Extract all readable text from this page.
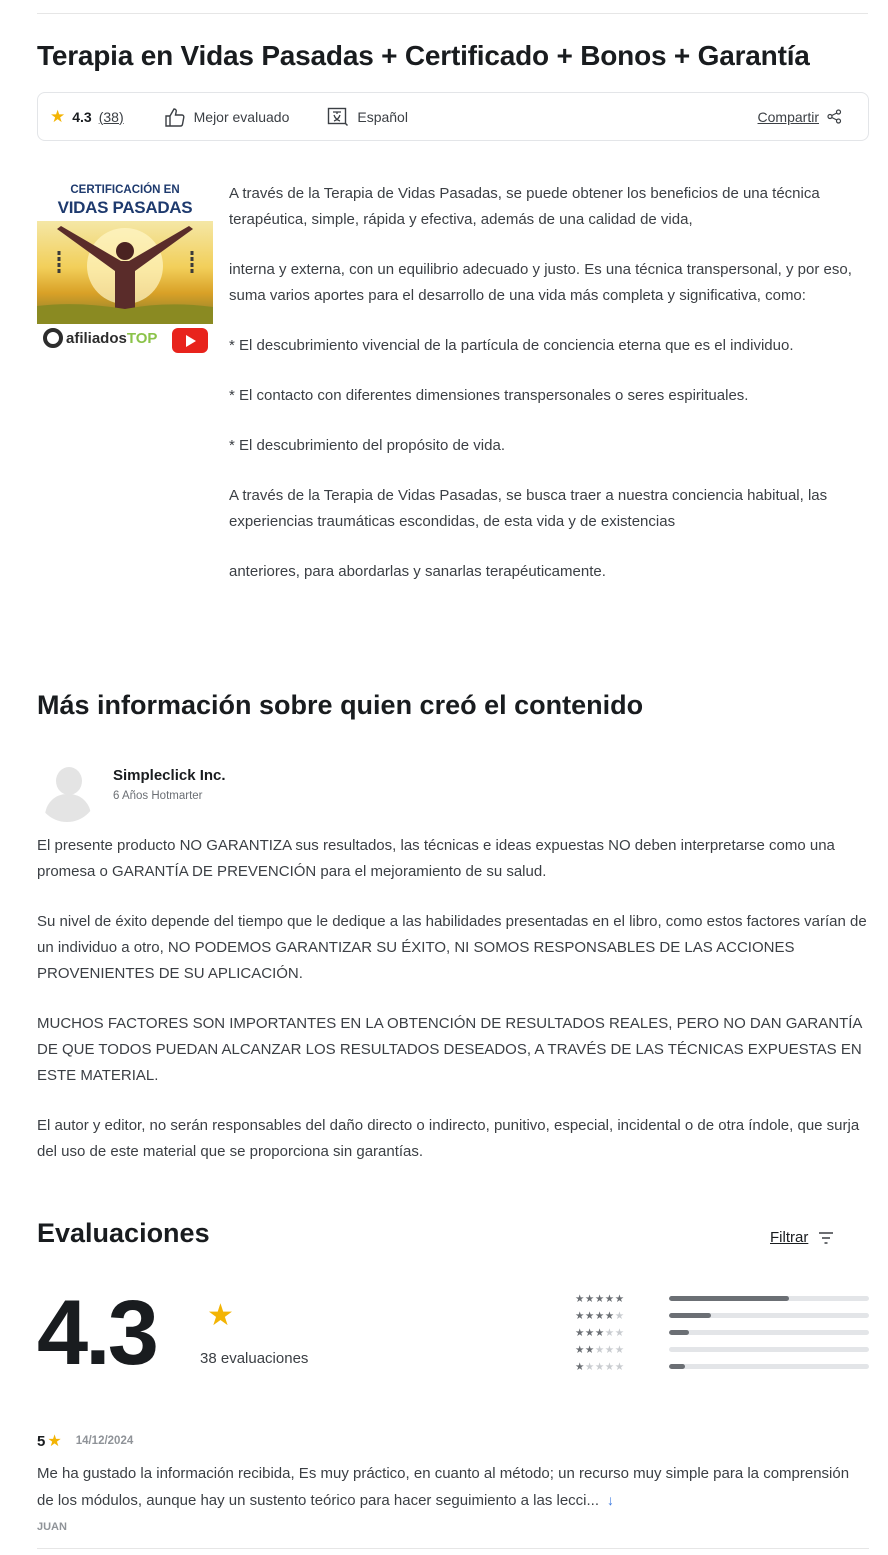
Terapia en Vidas Pasadas + Certificado + Bonos + Garantía
★ 4.3 (38)	Mejor evaluado	Español	Compartir
CERTIFICACIÓN EN
VIDAS PASADAS
afiliados TOP

A través de la Terapia de Vidas Pasadas, se puede obtener los beneficios de una técnica terapéutica, simple, rápida y efectiva, además de una calidad de vida,

interna y externa, con un equilibrio adecuado y justo. Es una técnica transpersonal, y por eso, suma varios aportes para el desarrollo de una vida más completa y significativa, como:

* El descubrimiento vivencial de la partícula de conciencia eterna que es el individuo.

* El contacto con diferentes dimensiones transpersonales o seres espirituales.

* El descubrimiento del propósito de vida.

A través de la Terapia de Vidas Pasadas, se busca traer a nuestra conciencia habitual, las experiencias traumáticas escondidas, de esta vida y de existencias

anteriores, para abordarlas y sanarlas terapéuticamente.

Más información sobre quien creó el contenido
Simpleclick Inc.
6 Años Hotmarter

El presente producto NO GARANTIZA sus resultados, las técnicas e ideas expuestas NO deben interpretarse como una promesa o GARANTÍA DE PREVENCIÓN para el mejoramiento de su salud.

Su nivel de éxito depende del tiempo que le dedique a las habilidades presentadas en el libro, como estos factores varían de un individuo a otro, NO PODEMOS GARANTIZAR SU ÉXITO, NI SOMOS RESPONSABLES DE LAS ACCIONES PROVENIENTES DE SU APLICACIÓN.

MUCHOS FACTORES SON IMPORTANTES EN LA OBTENCIÓN DE RESULTADOS REALES, PERO NO DAN GARANTÍA DE QUE TODOS PUEDAN ALCANZAR LOS RESULTADOS DESEADOS, A TRAVÉS DE LAS TÉCNICAS EXPUESTAS EN ESTE MATERIAL.

El autor y editor, no serán responsables del daño directo o indirecto, punitivo, especial, incidental o de otra índole, que surja del uso de este material que se proporciona sin garantías.

Evaluaciones	Filtrar
4.3 ★
38 evaluaciones
★★★★★
★★★★★
★★★★★
★★★★★
★★★★★
5 ★ 14/12/2024
Me ha gustado la información recibida, Es muy práctico, en cuanto al método; un recurso muy simple para la comprensión de los módulos, aunque hay un sustento teórico para hacer seguimiento a las lecci... ↓
JUAN
